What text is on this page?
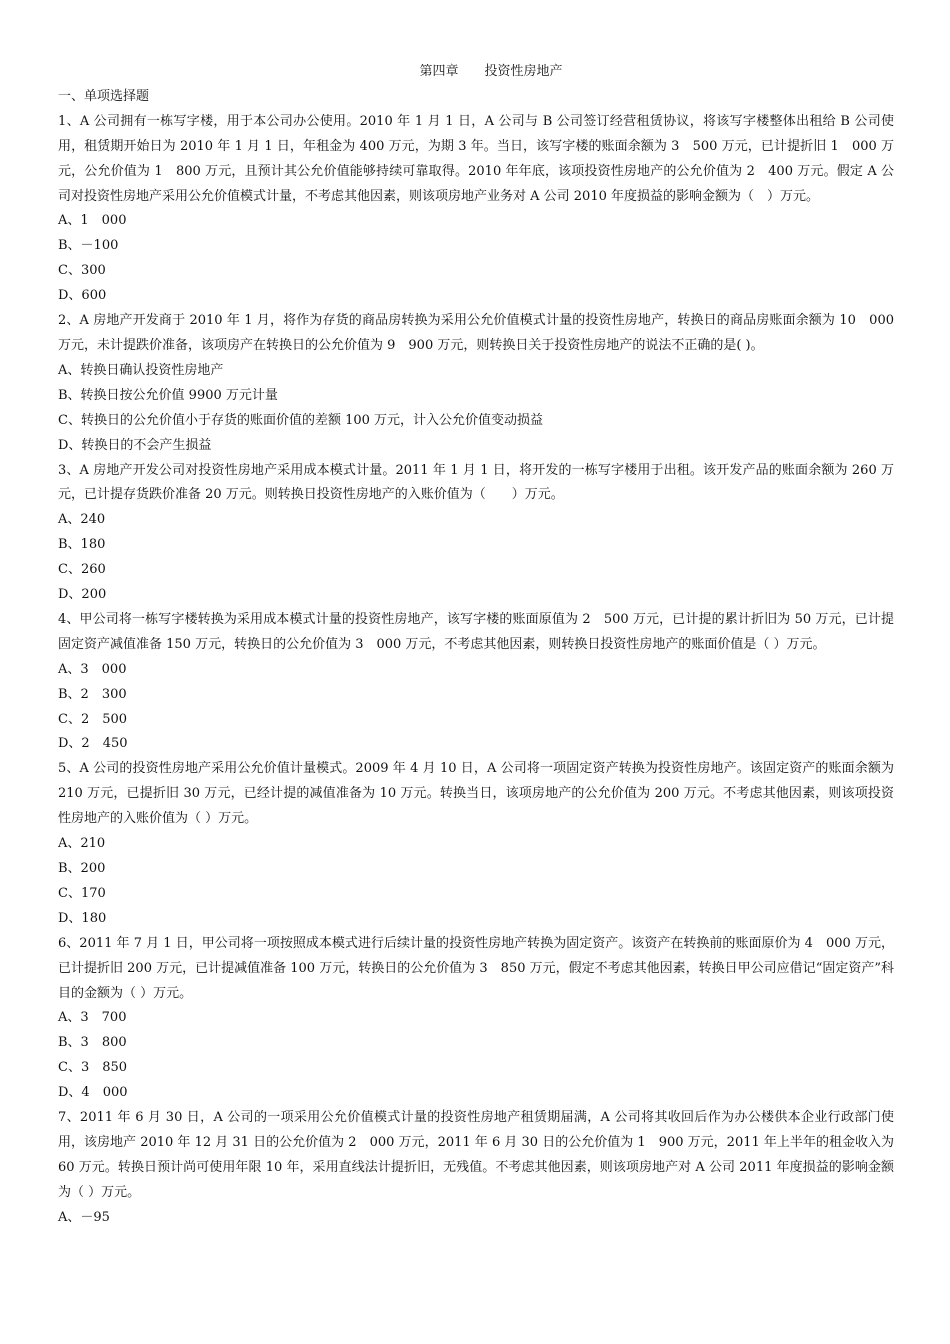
第四章　　投资性房地产
一、单项选择题
1、A 公司拥有一栋写字楼，用于本公司办公使用。2010 年 1 月 1 日，A 公司与 B 公司签订经营租赁协议，将该写字楼整体出租给 B 公司使用，租赁期开始日为 2010 年 1 月 1 日，年租金为 400 万元，为期 3 年。当日，该写字楼的账面余额为 3　500 万元，已计提折旧 1　000 万元，公允价值为 1　800 万元，且预计其公允价值能够持续可靠取得。2010 年年底，该项投资性房地产的公允价值为 2　400 万元。假定 A 公司对投资性房地产采用公允价值模式计量，不考虑其他因素，则该项房地产业务对 A 公司 2010 年度损益的影响金额为（　）万元。
A、1　000
B、－100
C、300
D、600
2、A 房地产开发商于 2010 年 1 月，将作为存货的商品房转换为采用公允价值模式计量的投资性房地产，转换日的商品房账面余额为 10　000 万元，未计提跌价准备，该项房产在转换日的公允价值为 9　900 万元，则转换日关于投资性房地产的说法不正确的是( )。
A、转换日确认投资性房地产
B、转换日按公允价值 9900 万元计量
C、转换日的公允价值小于存货的账面价值的差额 100 万元，计入公允价值变动损益
D、转换日的不会产生损益
3、A 房地产开发公司对投资性房地产采用成本模式计量。2011 年 1 月 1 日，将开发的一栋写字楼用于出租。该开发产品的账面余额为 260 万元，已计提存货跌价准备 20 万元。则转换日投资性房地产的入账价值为（　　）万元。
A、240
B、180
C、260
D、200
4、甲公司将一栋写字楼转换为采用成本模式计量的投资性房地产，该写字楼的账面原值为 2　500 万元，已计提的累计折旧为 50 万元，已计提固定资产减值准备 150 万元，转换日的公允价值为 3　000 万元，不考虑其他因素，则转换日投资性房地产的账面价值是（ ）万元。
A、3　000
B、2　300
C、2　500
D、2　450
5、A 公司的投资性房地产采用公允价值计量模式。2009 年 4 月 10 日，A 公司将一项固定资产转换为投资性房地产。该固定资产的账面余额为 210 万元，已提折旧 30 万元，已经计提的减值准备为 10 万元。转换当日，该项房地产的公允价值为 200 万元。不考虑其他因素，则该项投资性房地产的入账价值为（ ）万元。
A、210
B、200
C、170
D、180
6、2011 年 7 月 1 日，甲公司将一项按照成本模式进行后续计量的投资性房地产转换为固定资产。该资产在转换前的账面原价为 4　000 万元，已计提折旧 200 万元，已计提减值准备 100 万元，转换日的公允价值为 3　850 万元，假定不考虑其他因素，转换日甲公司应借记“固定资产”科目的金额为（ ）万元。
A、3　700
B、3　800
C、3　850
D、4　000
7、2011 年 6 月 30 日，A 公司的一项采用公允价值模式计量的投资性房地产租赁期届满，A 公司将其收回后作为办公楼供本企业行政部门使用，该房地产 2010 年 12 月 31 日的公允价值为 2　000 万元，2011 年 6 月 30 日的公允价值为 1　900 万元，2011 年上半年的租金收入为 60 万元。转换日预计尚可使用年限 10 年，采用直线法计提折旧，无残值。不考虑其他因素，则该项房地产对 A 公司 2011 年度损益的影响金额为（ ）万元。
A、－95
